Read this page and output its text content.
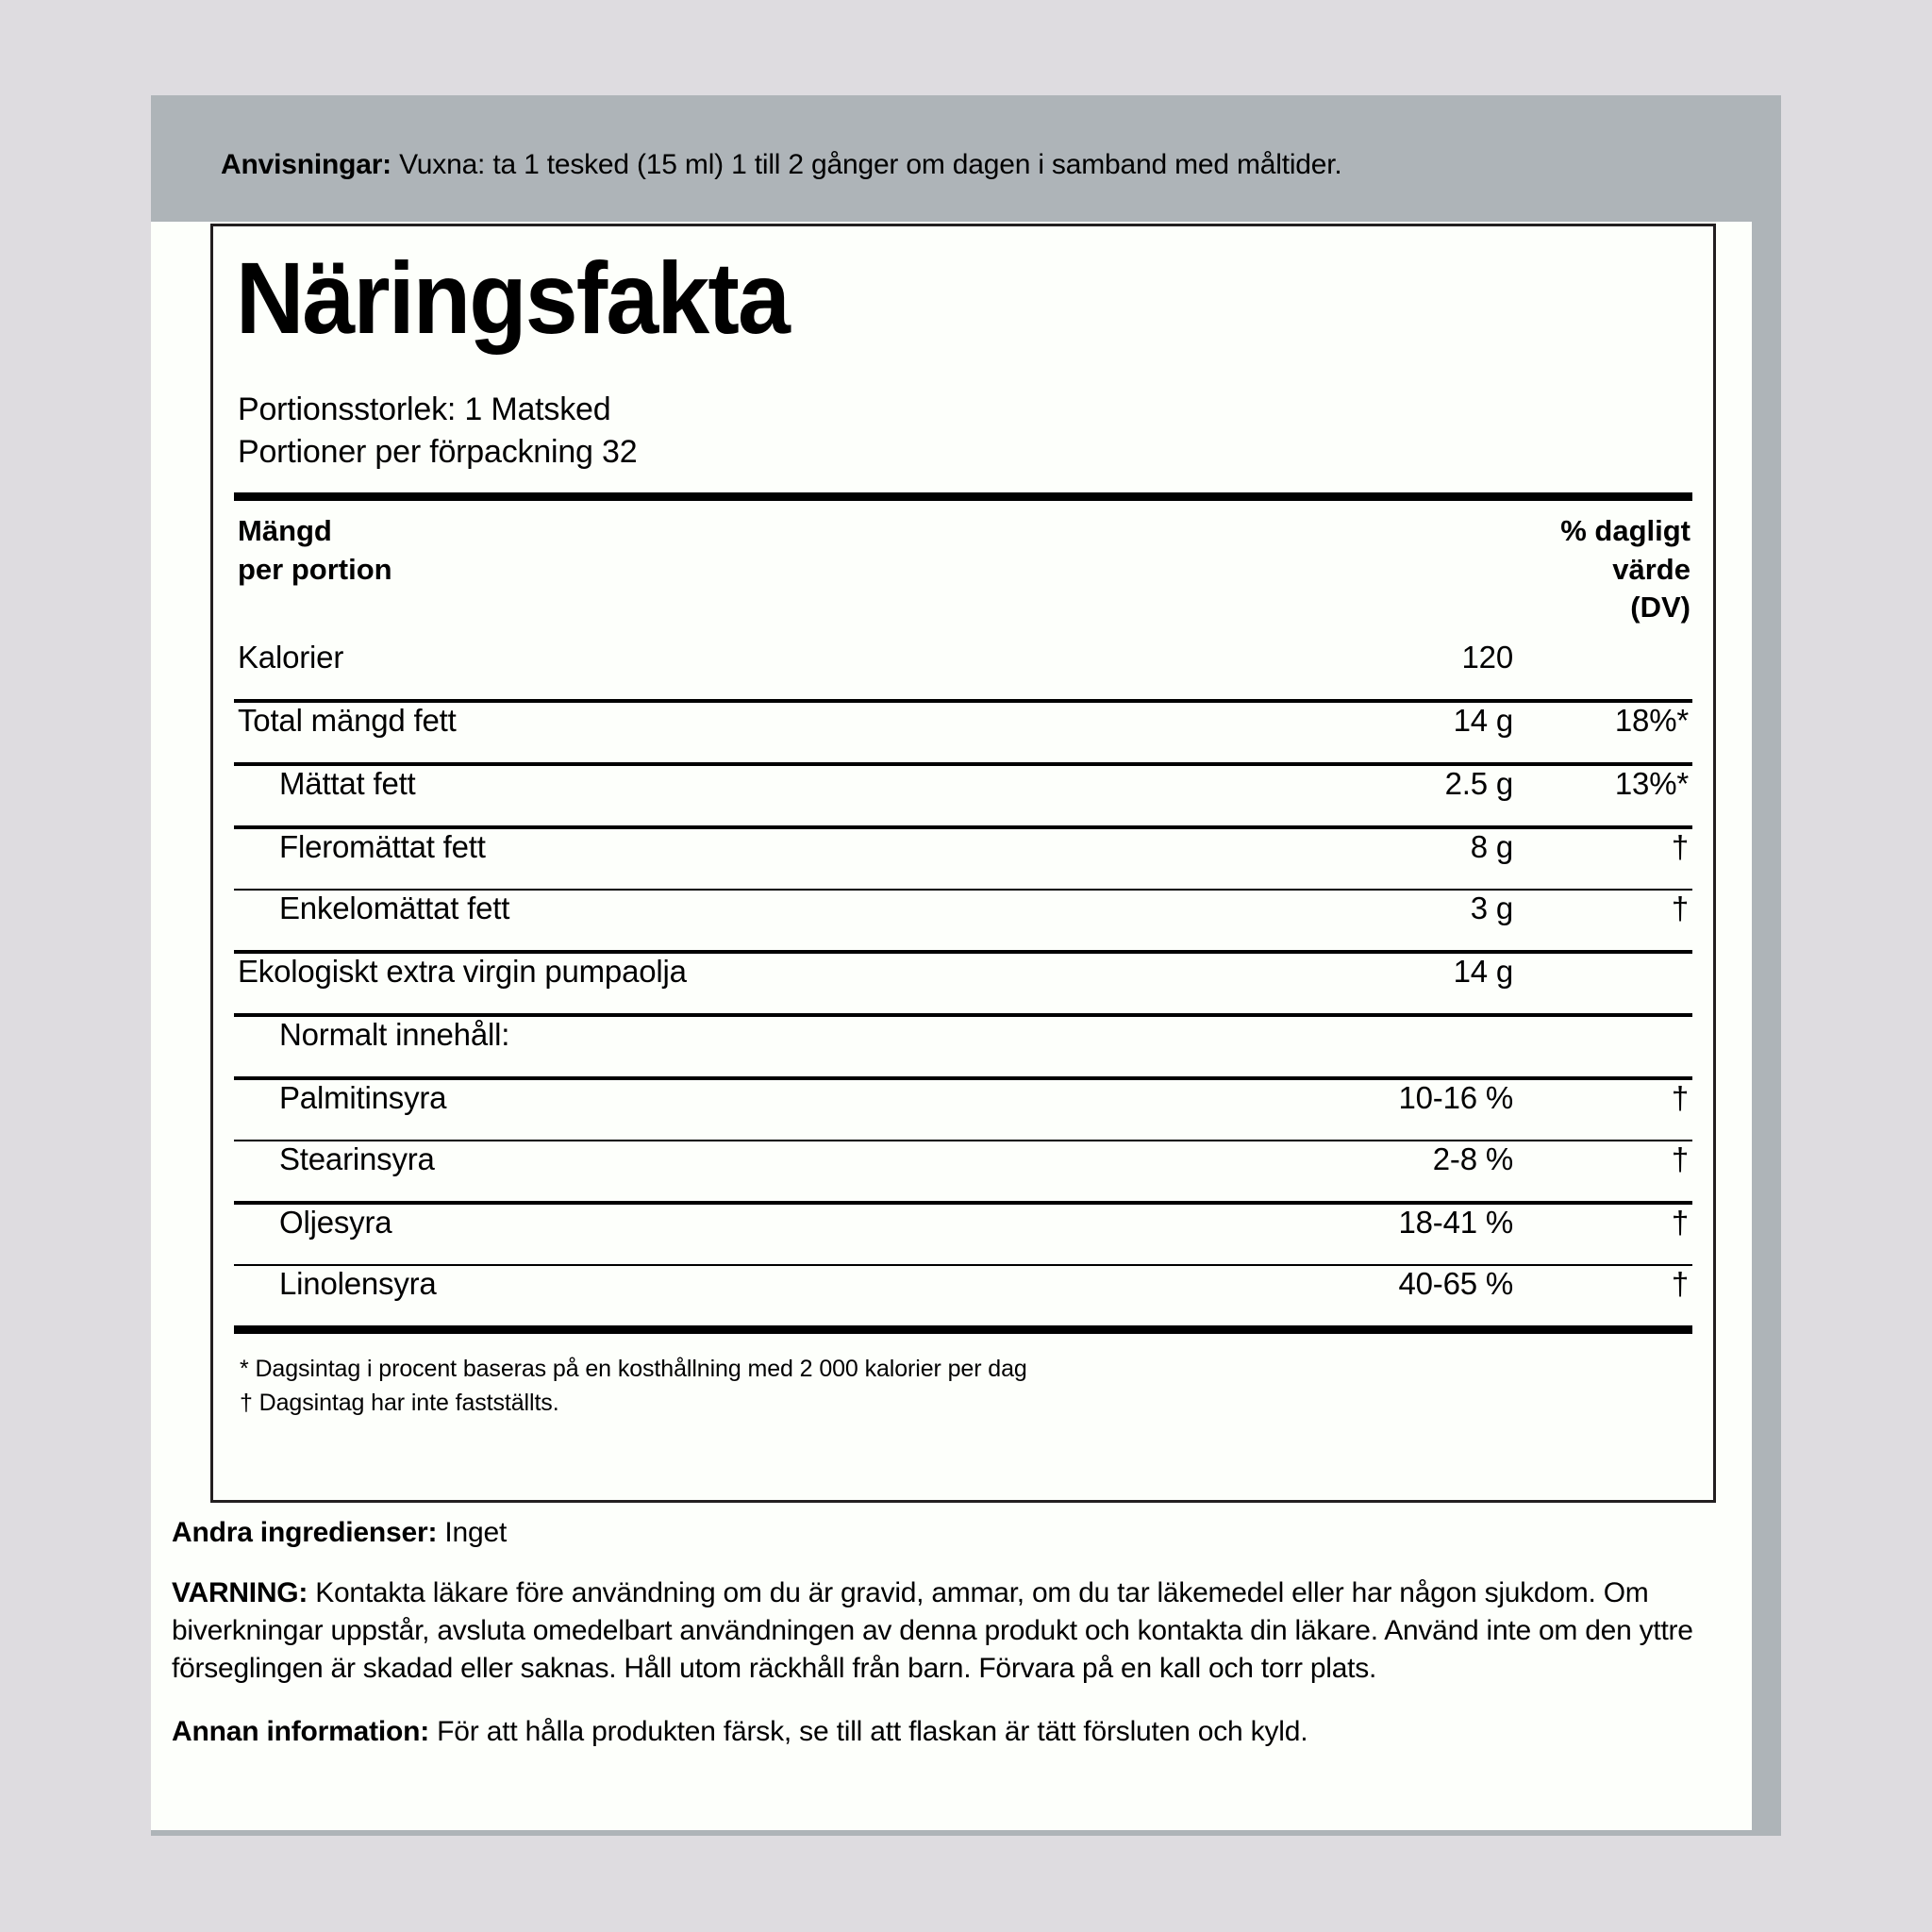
Anvisningar: Vuxna: ta 1 tesked (15 ml) 1 till 2 gånger om dagen i samband med måltider.
Näringsfakta
Portionsstorlek: 1 Matsked
Portioner per förpackning 32
Mängd
per portion
% dagligt
värde
(DV)
Kalorier	120
Total mängd fett	14 g	18%*
Mättat fett	2.5 g	13%*
Fleromättat fett	8 g	†
Enkelomättat fett	3 g	†
Ekologiskt extra virgin pumpaolja	14 g
Normalt innehåll:
Palmitinsyra	10-16 %	†
Stearinsyra	2-8 %	†
Oljesyra	18-41 %	†
Linolensyra	40-65 %	†
* Dagsintag i procent baseras på en kosthållning med 2 000 kalorier per dag
† Dagsintag har inte fastställts.
Andra ingredienser: Inget
VARNING: Kontakta läkare före användning om du är gravid, ammar, om du tar läkemedel eller har någon sjukdom. Om biverkningar uppstår, avsluta omedelbart användningen av denna produkt och kontakta din läkare. Använd inte om den yttre förseglingen är skadad eller saknas. Håll utom räckhåll från barn. Förvara på en kall och torr plats.
Annan information: För att hålla produkten färsk, se till att flaskan är tätt försluten och kyld.
